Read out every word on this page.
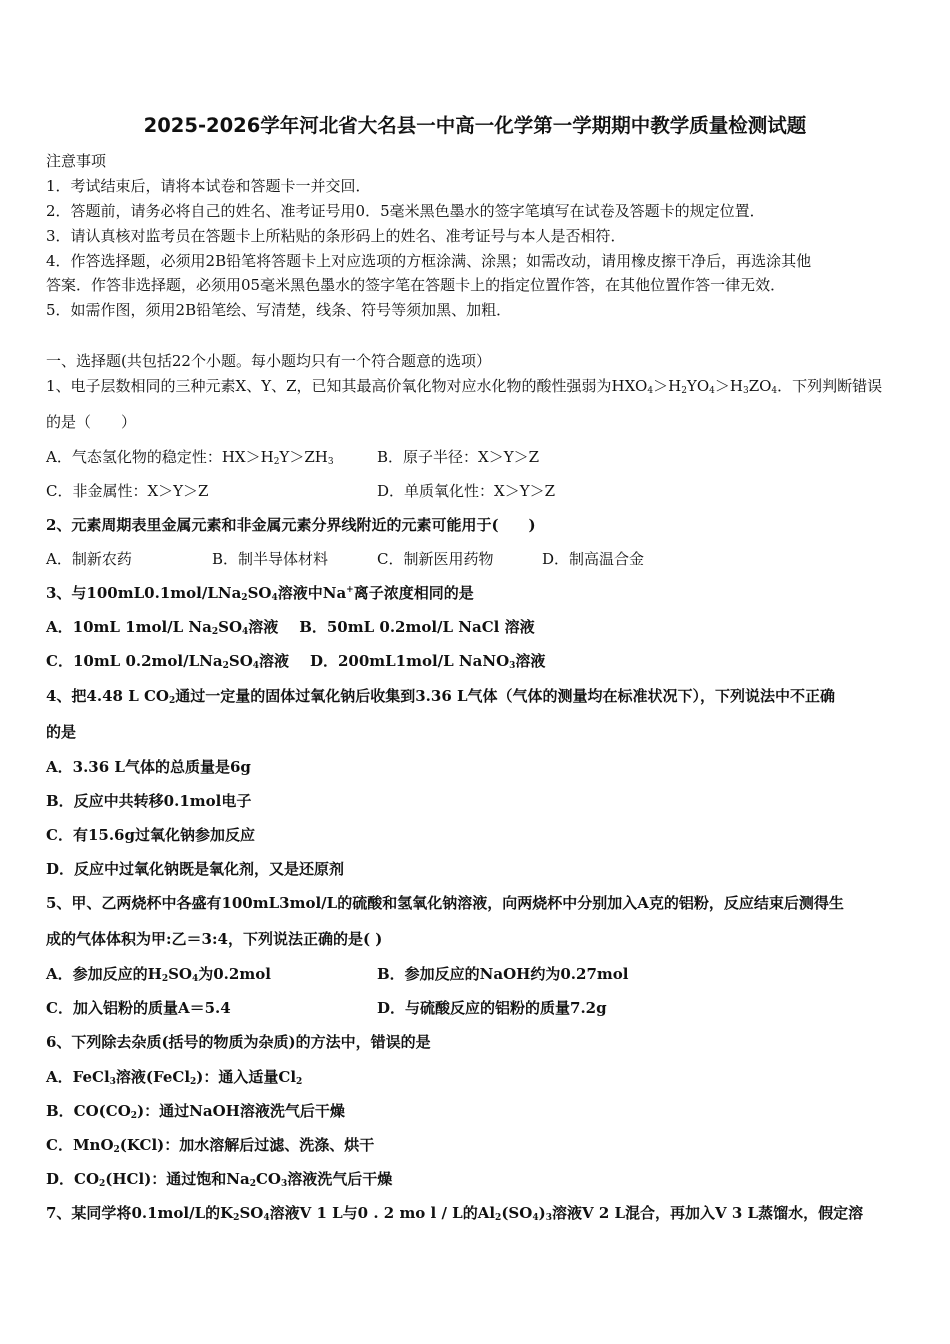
2025-2026学年河北省大名县一中高一化学第一学期期中教学质量检测试题
注意事项
1．考试结束后，请将本试卷和答题卡一并交回．
2．答题前，请务必将自己的姓名、准考证号用0．5毫米黑色墨水的签字笔填写在试卷及答题卡的规定位置．
3．请认真核对监考员在答题卡上所粘贴的条形码上的姓名、准考证号与本人是否相符．
4．作答选择题，必须用2B铅笔将答题卡上对应选项的方框涂满、涂黑；如需改动，请用橡皮擦干净后，再选涂其他
答案．作答非选择题，必须用05毫米黑色墨水的签字笔在答题卡上的指定位置作答，在其他位置作答一律无效．
5．如需作图，须用2B铅笔绘、写清楚，线条、符号等须加黑、加粗．
一、选择题(共包括22个小题。每小题均只有一个符合题意的选项）
1、电子层数相同的三种元素X、Y、Z，已知其最高价氧化物对应水化物的酸性强弱为$HXO_4>H_2YO_4>H_3ZO_4$．下列判断错误
的是（　　）
A．气态氢化物的稳定性：$HX>H_2Y>ZH_3$	B．原子半径：X＞Y＞Z
C．非金属性：X＞Y＞Z	D．单质氧化性：X＞Y＞Z
2、元素周期表里金属元素和非金属元素分界线附近的元素可能用于(　　)
A．制新农药	B．制半导体材料	C．制新医用药物	D．制高温合金
3、与$100mL0.1mol/LNa_2SO_4$溶液中Na+离子浓度相同的是
A．10mL 1mol/L $Na_2SO_4$溶液 B．50mL 0.2mol/L NaCl 溶液
C．10mL $0.2mol/LNa_2SO_4$溶液 D．200mL1mol/L NaNO$_3$溶液
4、把4.48 L $CO_2$通过一定量的固体过氧化钠后收集到3.36 L气体（气体的测量均在标准状况下），下列说法中不正确
的是
A．3.36 L气体的总质量是6g
B．反应中共转移0.1mol电子
C．有15.6g过氧化钠参加反应
D．反应中过氧化钠既是氧化剂，又是还原剂
5、甲、乙两烧杯中各盛有100mL3mol/L的硫酸和氢氧化钠溶液，向两烧杯中分别加入A克的铝粉，反应结束后测得生
成的气体体积为甲:乙＝3:4，下列说法正确的是( )
A．参加反应的$H_2SO_4$为0.2mol	B．参加反应的NaOH约为0.27mol
C．加入铝粉的质量A＝5.4	D．与硫酸反应的铝粉的质量7.2g
6、下列除去杂质(括号的物质为杂质)的方法中，错误的是
A．FeCl$_3$溶液(FeCl$_2$)：通入适量$Cl_2$
B．$CO(CO_2)$：通过NaOH溶液洗气后干燥
C．MnO$_2$(KCl)：加水溶解后过滤、洗涤、烘干
D．$CO_2(HCl)$：通过饱和$Na_2CO_3$溶液洗气后干燥
7、某同学将0.1mol/L的$K_2SO_4$溶液V 1 L与0 . 2 mo l / L的$Al_2(SO_4)_3$溶液V 2 L混合，再加入V 3 L蒸馏水，假定溶
